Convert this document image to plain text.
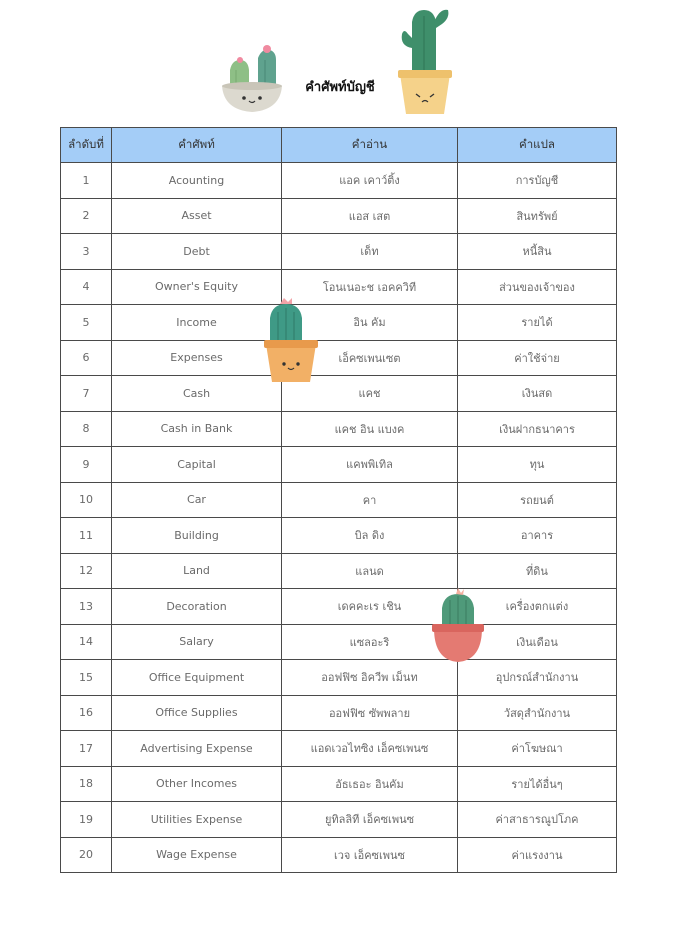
คำศัพท์บัญชี
ลำดับที่	คำศัพท์	คำอ่าน	คำแปล
1	Acounting	แอค เคาว์ติ้ง	การบัญชี
2	Asset	แอส เสต	สินทรัพย์
3	Debt	เด็ท	หนี้สิน
4	Owner's Equity	โอนเนอะช เอคควิที	ส่วนของเจ้าของ
5	Income	อิน คัม	รายได้
6	Expenses	เอ็คซเพนเซต	ค่าใช้จ่าย
7	Cash	แคช	เงินสด
8	Cash in Bank	แคช อิน แบงค	เงินฝากธนาคาร
9	Capital	แคพพิเทิล	ทุน
10	Car	คา	รถยนต์
11	Building	บิล ดิง	อาคาร
12	Land	แลนด	ที่ดิน
13	Decoration	เดคคะเร เชิน	เครื่องตกแต่ง
14	Salary	แซลอะริ	เงินเดือน
15	Office Equipment	ออฟฟิซ อิควีพ เม็นท	อุปกรณ์สำนักงาน
16	Office Supplies	ออฟฟิซ ซัพพลาย	วัสดุสำนักงาน
17	Advertising Expense	แอดเวอไทซิง เอ็คซเพนซ	ค่าโฆษณา
18	Other Incomes	อัธเธอะ อินคัม	รายได้อื่นๆ
19	Utilities Expense	ยูทิลลิที เอ็คซเพนซ	ค่าสาธารณูปโภค
20	Wage Expense	เวจ เอ็คซเพนซ	ค่าแรงงาน
